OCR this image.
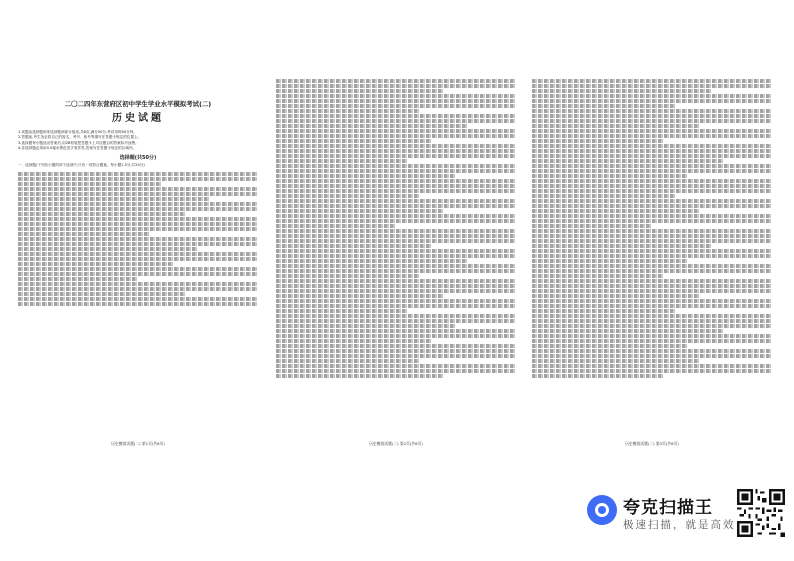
二〇二四年东营府区初中学生学业水平模拟考试(二)
历史试题

1.试题由选择题和非选择题两部分组成,共6页,满分50分,考试用时60分钟。

2.答题前,考生务必将自己的姓名、考号、座号等填写在答题卡规定的位置上。

3.选择题每小题选出答案后,用2B铅笔把答题卡上对应题目的答案标号涂黑。

4.非选择题必须用0.5毫米黑色签字笔作答,答案写在答题卡规定的区域内。

选择题(共50分)

一、选择题(下列各小题的四个选项中,只有一项符合题意。每小题1.5分,共24分)

历史模拟试题(二) 第1页(共6页)	历史模拟试题(二) 第2页(共6页)	历史模拟试题(二) 第3页(共6页)
夸克扫描王
极速扫描，就是高效
